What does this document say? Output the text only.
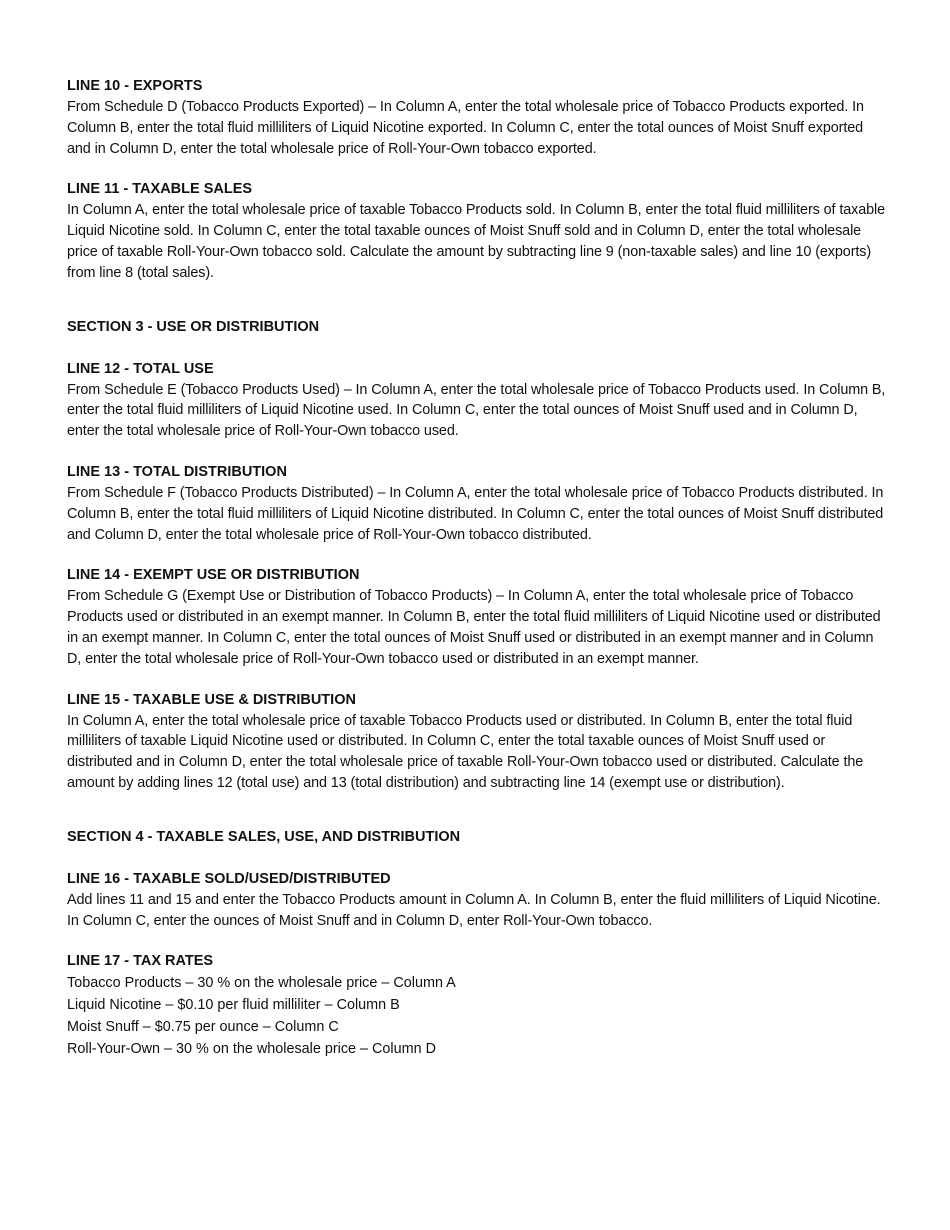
LINE 10 - EXPORTS

From Schedule D (Tobacco Products Exported) – In Column A, enter the total wholesale price of Tobacco Products exported. In Column B, enter the total fluid milliliters of Liquid Nicotine exported. In Column C, enter the total ounces of Moist Snuff exported and in Column D, enter the total wholesale price of Roll-Your-Own tobacco exported.

LINE 11 - TAXABLE SALES

In Column A, enter the total wholesale price of taxable Tobacco Products sold. In Column B, enter the total fluid milliliters of taxable Liquid Nicotine sold. In Column C, enter the total taxable ounces of Moist Snuff sold and in Column D, enter the total wholesale price of taxable Roll-Your-Own tobacco sold. Calculate the amount by subtracting line 9 (non-taxable sales) and line 10 (exports) from line 8 (total sales).

SECTION 3 - USE OR DISTRIBUTION

LINE 12 - TOTAL USE

From Schedule E (Tobacco Products Used) – In Column A, enter the total wholesale price of Tobacco Products used. In Column B, enter the total fluid milliliters of Liquid Nicotine used. In Column C, enter the total ounces of Moist Snuff used and in Column D, enter the total wholesale price of Roll-Your-Own tobacco used.

LINE 13 - TOTAL DISTRIBUTION

From Schedule F (Tobacco Products Distributed) – In Column A, enter the total wholesale price of Tobacco Products distributed. In Column B, enter the total fluid milliliters of Liquid Nicotine distributed. In Column C, enter the total ounces of Moist Snuff distributed and Column D, enter the total wholesale price of Roll-Your-Own tobacco distributed.

LINE 14 - EXEMPT USE OR DISTRIBUTION

From Schedule G (Exempt Use or Distribution of Tobacco Products) – In Column A, enter the total wholesale price of Tobacco Products used or distributed in an exempt manner. In Column B, enter the total fluid milliliters of Liquid Nicotine used or distributed in an exempt manner. In Column C, enter the total ounces of Moist Snuff used or distributed in an exempt manner and in Column D, enter the total wholesale price of Roll-Your-Own tobacco used or distributed in an exempt manner.

LINE 15 - TAXABLE USE & DISTRIBUTION

In Column A, enter the total wholesale price of taxable Tobacco Products used or distributed. In Column B, enter the total fluid milliliters of taxable Liquid Nicotine used or distributed. In Column C, enter the total taxable ounces of Moist Snuff used or distributed and in Column D, enter the total wholesale price of taxable Roll-Your-Own tobacco used or distributed. Calculate the amount by adding lines 12 (total use) and 13 (total distribution) and subtracting line 14 (exempt use or distribution).

SECTION 4 - TAXABLE SALES, USE, AND DISTRIBUTION

LINE 16 - TAXABLE SOLD/USED/DISTRIBUTED

Add lines 11 and 15 and enter the Tobacco Products amount in Column A. In Column B, enter the fluid milliliters of Liquid Nicotine. In Column C, enter the ounces of Moist Snuff and in Column D, enter Roll-Your-Own tobacco.

LINE 17 - TAX RATES

Tobacco Products – 30 % on the wholesale price – Column A

Liquid Nicotine – $0.10 per fluid milliliter – Column B

Moist Snuff – $0.75 per ounce – Column C

Roll-Your-Own – 30 % on the wholesale price – Column D
